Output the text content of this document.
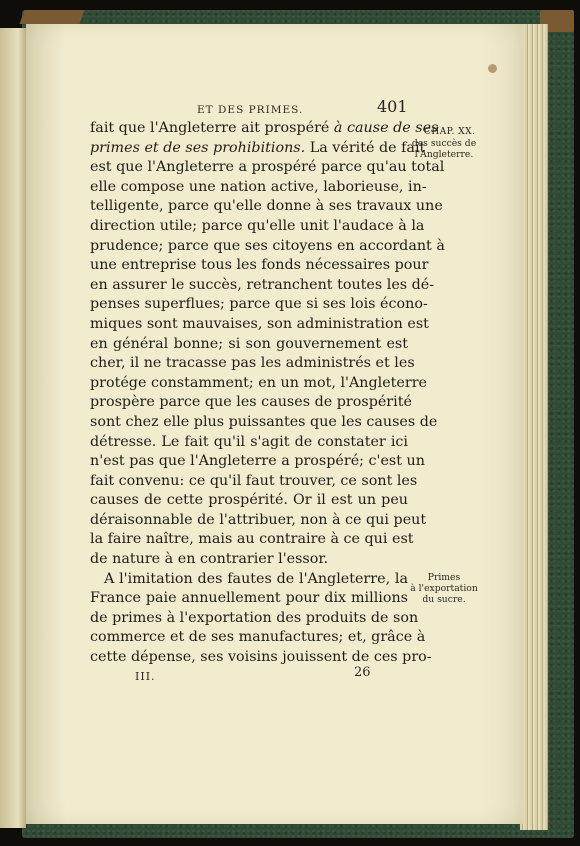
ET DES PRIMES.	401
CHAP. XX.
des succès de
l'Angleterre.
fait que l'Angleterre ait prospéré à cause de ses
primes et de ses prohibitions. La vérité de fait
est que l'Angleterre a prospéré parce qu'au total
elle compose une nation active, laborieuse, in-
telligente, parce qu'elle donne à ses travaux une
direction utile; parce qu'elle unit l'audace à la
prudence; parce que ses citoyens en accordant à
une entreprise tous les fonds nécessaires pour
en assurer le succès, retranchent toutes les dé-
penses superflues; parce que si ses lois écono-
miques sont mauvaises, son administration est
en général bonne; si son gouvernement est
cher, il ne tracasse pas les administrés et les
protége constamment; en un mot, l'Angleterre
prospère parce que les causes de prospérité
sont chez elle plus puissantes que les causes de
détresse. Le fait qu'il s'agit de constater ici
n'est pas que l'Angleterre a prospéré; c'est un
fait convenu: ce qu'il faut trouver, ce sont les
causes de cette prospérité. Or il est un peu
déraisonnable de l'attribuer, non à ce qui peut
la faire naître, mais au contraire à ce qui est
de nature à en contrarier l'essor.
A l'imitation des fautes de l'Angleterre, la
France paie annuellement pour dix millions
de primes à l'exportation des produits de son
commerce et de ses manufactures; et, grâce à
cette dépense, ses voisins jouissent de ces pro-
Primes
à l'exportation
du sucre.
III.	26
